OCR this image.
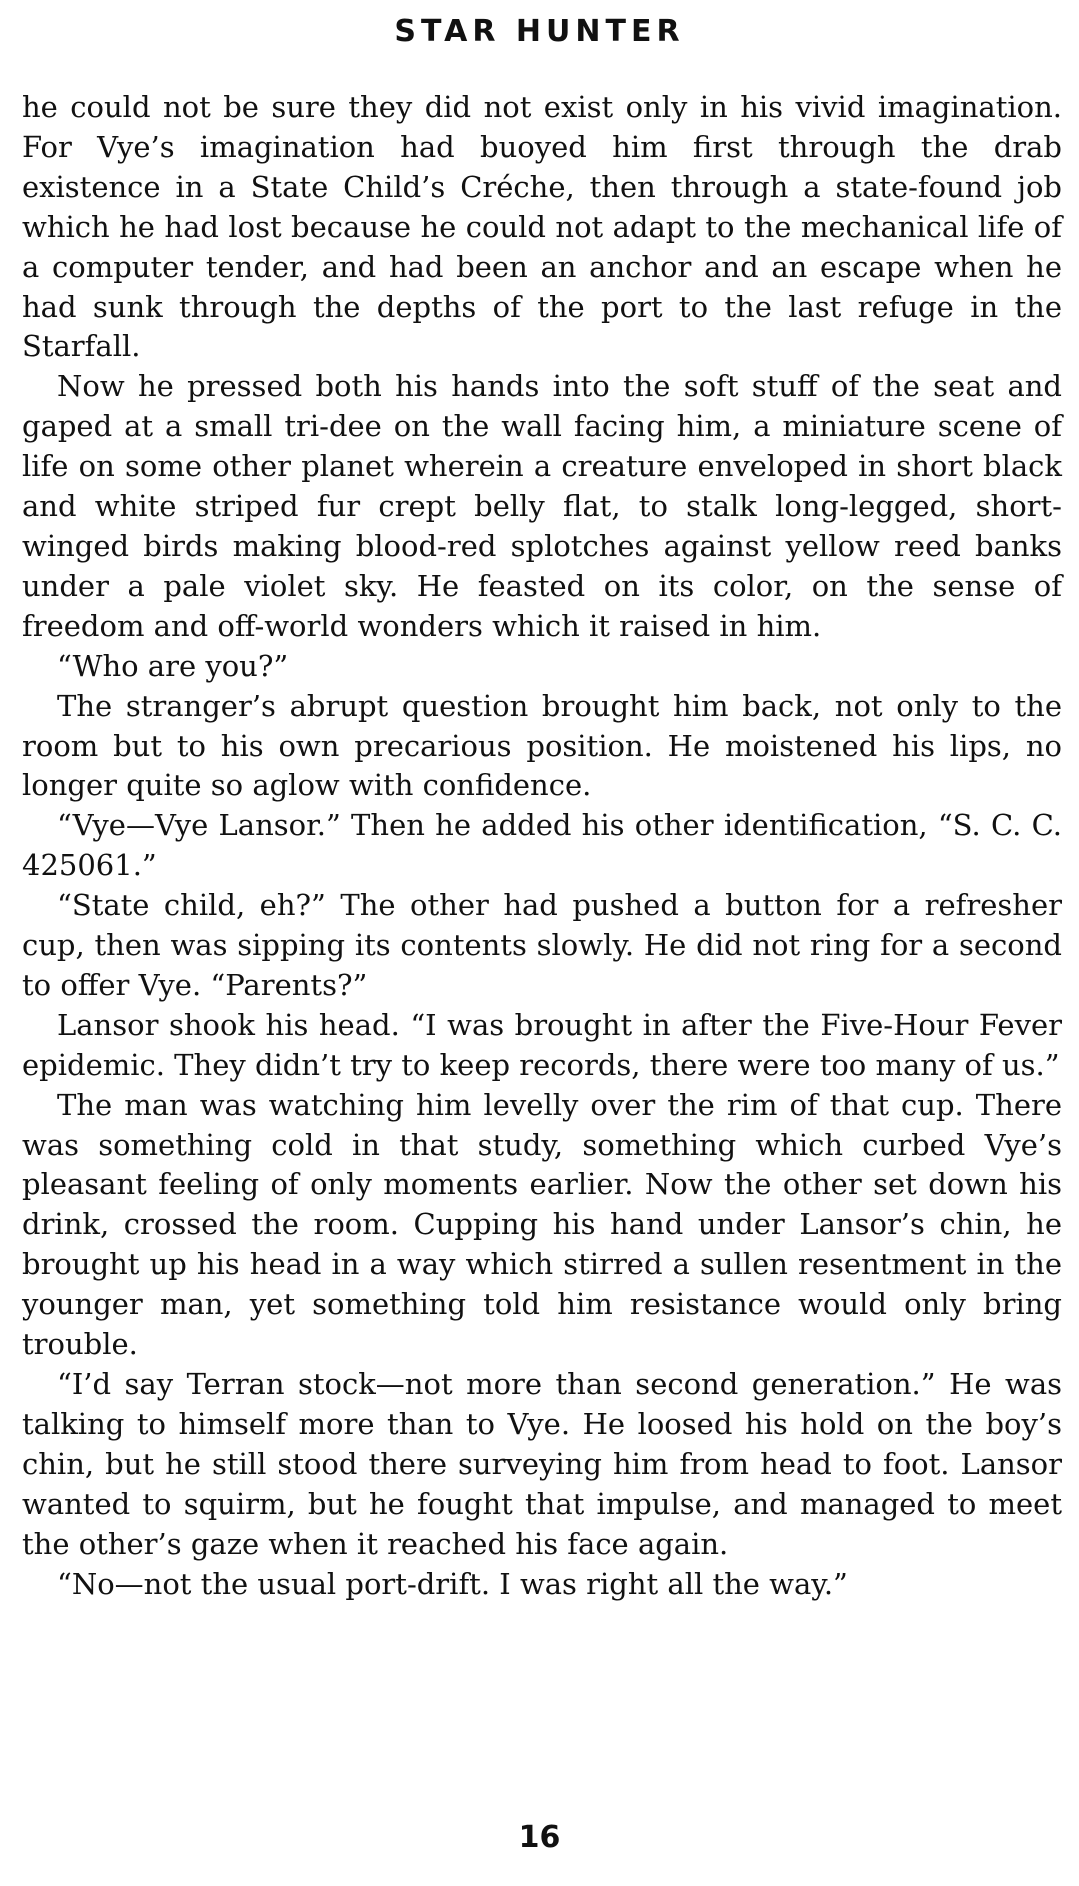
STAR HUNTER

he could not be sure they did not exist only in his vivid imagination. For Vye’s imagination had buoyed him first through the drab existence in a State Child’s Créche, then through a state-found job which he had lost because he could not adapt to the mechanical life of a computer tender, and had been an anchor and an escape when he had sunk through the depths of the port to the last refuge in the Starfall.

Now he pressed both his hands into the soft stuff of the seat and gaped at a small tri-dee on the wall facing him, a miniature scene of life on some other planet wherein a creature enveloped in short black and white striped fur crept belly flat, to stalk long-legged, short-winged birds making blood-red splotches against yellow reed banks under a pale violet sky. He feasted on its color, on the sense of freedom and off-world wonders which it raised in him.

“Who are you?”

The stranger’s abrupt question brought him back, not only to the room but to his own precarious position. He moistened his lips, no longer quite so aglow with confidence.

“Vye—Vye Lansor.” Then he added his other identification, “S. C. C. 425061.”

“State child, eh?” The other had pushed a button for a refresher cup, then was sipping its contents slowly. He did not ring for a second to offer Vye. “Parents?”

Lansor shook his head. “I was brought in after the Five-Hour Fever epidemic. They didn’t try to keep records, there were too many of us.”

The man was watching him levelly over the rim of that cup. There was something cold in that study, something which curbed Vye’s pleasant feeling of only moments earlier. Now the other set down his drink, crossed the room. Cupping his hand under Lansor’s chin, he brought up his head in a way which stirred a sullen resentment in the younger man, yet something told him resistance would only bring trouble.

“I’d say Terran stock—not more than second generation.” He was talking to himself more than to Vye. He loosed his hold on the boy’s chin, but he still stood there surveying him from head to foot. Lansor wanted to squirm, but he fought that impulse, and managed to meet the other’s gaze when it reached his face again.

“No—not the usual port-drift. I was right all the way.”

16
